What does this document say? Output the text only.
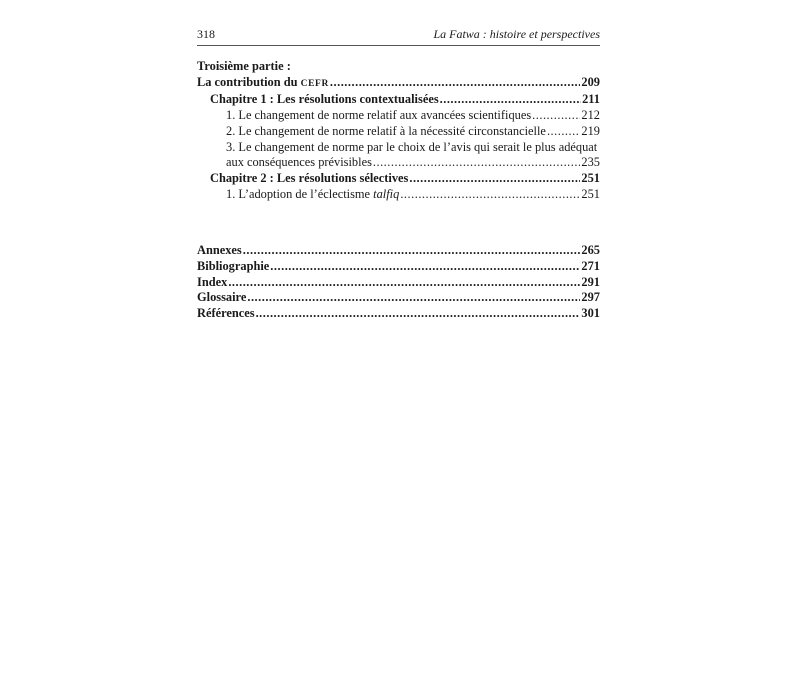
318	La Fatwa : histoire et perspectives
Troisième partie :
La contribution du CEFR .....	209
Chapitre 1 : Les résolutions contextualisées .....	211
1. Le changement de norme relatif aux avancées scientifiques .....	212
2. Le changement de norme relatif à la nécessité circonstancielle .....	219
3. Le changement de norme par le choix de l’avis qui serait le plus adéquat
aux conséquences prévisibles .....	235
Chapitre 2 : Les résolutions sélectives .....	251
1. L’adoption de l’éclectisme talfiq .....	251
Annexes .....	265
Bibliographie .....	271
Index .....	291
Glossaire .....	297
Références .....	301
